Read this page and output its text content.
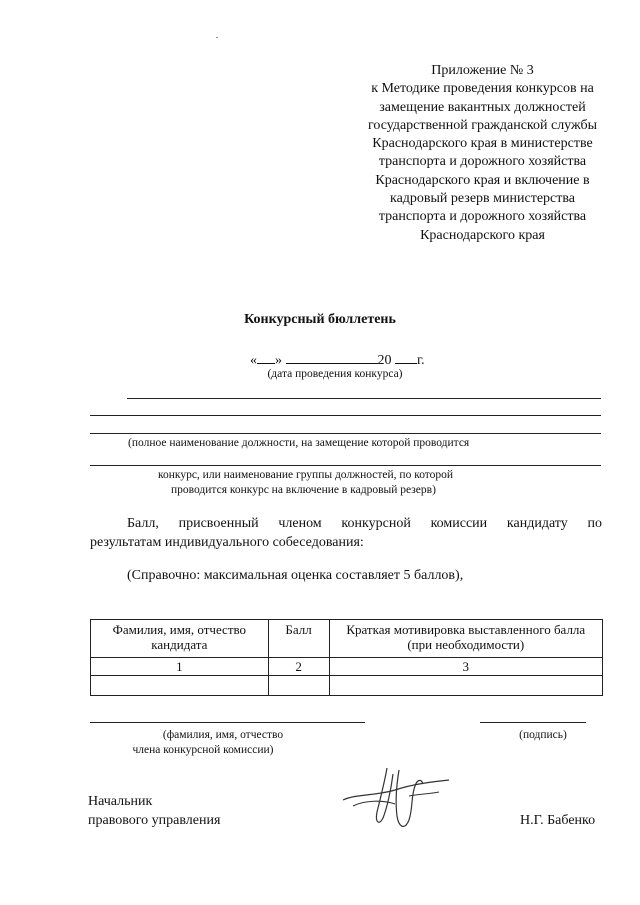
Приложение № 3
к Методике проведения конкурсов на
замещение вакантных должностей
государственной гражданской службы
Краснодарского края в министерстве
транспорта и дорожного хозяйства
Краснодарского края и включение в
кадровый резерв министерства
транспорта и дорожного хозяйства
Краснодарского края
Конкурсный бюллетень
« »	20 г.
(дата проведения конкурса)
(полное наименование должности, на замещение которой проводится
конкурс, или наименование группы должностей, по которой
проводится конкурс на включение в кадровый резерв)
Балл, присвоенный членом конкурсной комиссии кандидату по
результатам индивидуального собеседования:
(Справочно: максимальная оценка составляет 5 баллов),
Фамилия, имя, отчество кандидата	Балл	Краткая мотивировка выставленного балла (при необходимости)
1	2	3

(фамилия, имя, отчество
члена конкурсной комиссии)
(подпись)
Начальник
правового управления	Н.Г. Бабенко
